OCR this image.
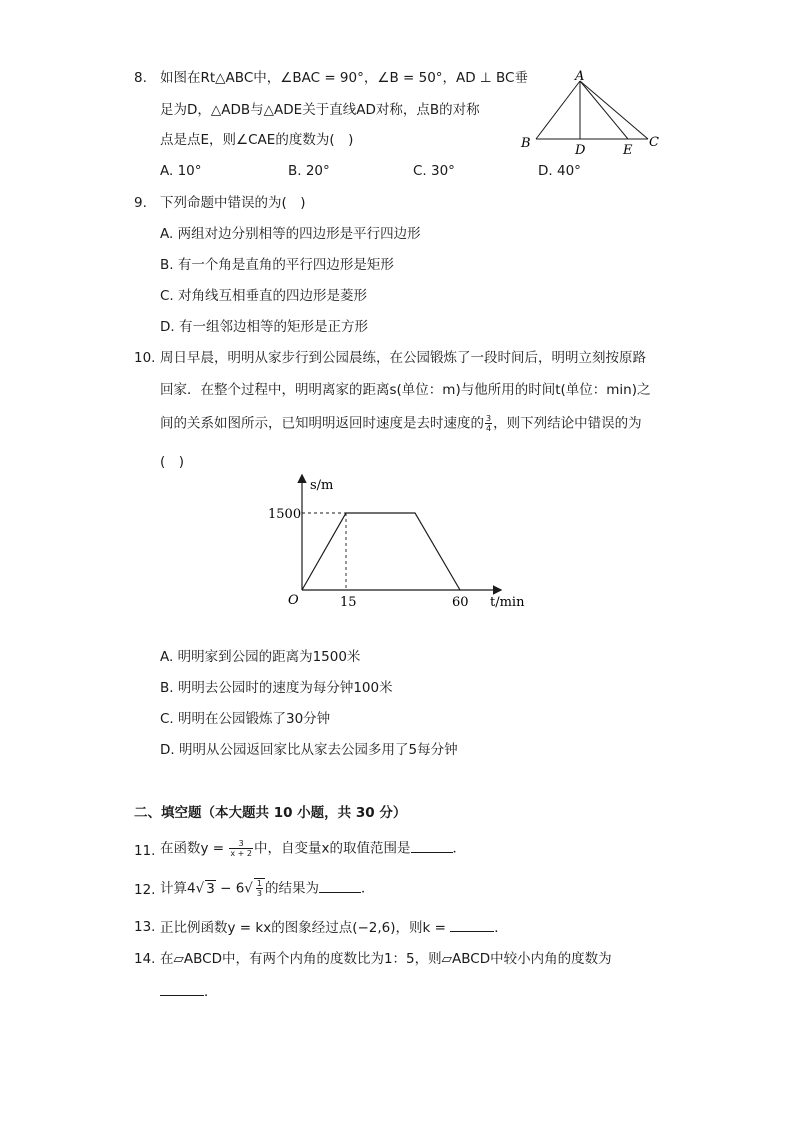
8. 如图在Rt△ABC中，∠BAC = 90°，∠B = 50°，AD ⊥ BC垂
足为D，△ADB与△ADE关于直线AD对称，点B的对称
点是点E，则∠CAE的度数为(　)
A. 10°	B. 20°	C. 30°	D. 40°
A
B	C
D	E
9. 下列命题中错误的为(　)
A. 两组对边分别相等的四边形是平行四边形
B. 有一个角是直角的平行四边形是矩形
C. 对角线互相垂直的四边形是菱形
D. 有一组邻边相等的矩形是正方形
10. 周日早晨，明明从家步行到公园晨练，在公园锻炼了一段时间后，明明立刻按原路
回家．在整个过程中，明明离家的距离s(单位：m)与他所用的时间t(单位：min)之
间的关系如图所示，已知明明返回时速度是去时速度的 $\frac{3}{4}$ ，则下列结论中错误的为
(　)
s/m
1500
O	15	60 t/min
A. 明明家到公园的距离为1500米
B. 明明去公园时的速度为每分钟100米
C. 明明在公园锻炼了30分钟
D. 明明从公园返回家比从家去公园多用了5每分钟
二、填空题（本大题共 10 小题，共 30 分）
11. 在函数$y = \frac{3}{x + 2}$ 中，自变量x的取值范围是	．
12. 计算4√ $3 - 6√ \frac{1}{3}$ 的结果为	．
13. 正比例函数y = kx的图象经过点(−2,6)，则k =	．
14. 在▱ABCD中，有两个内角的度数比为1：5，则▱ABCD中较小内角的度数为
．
